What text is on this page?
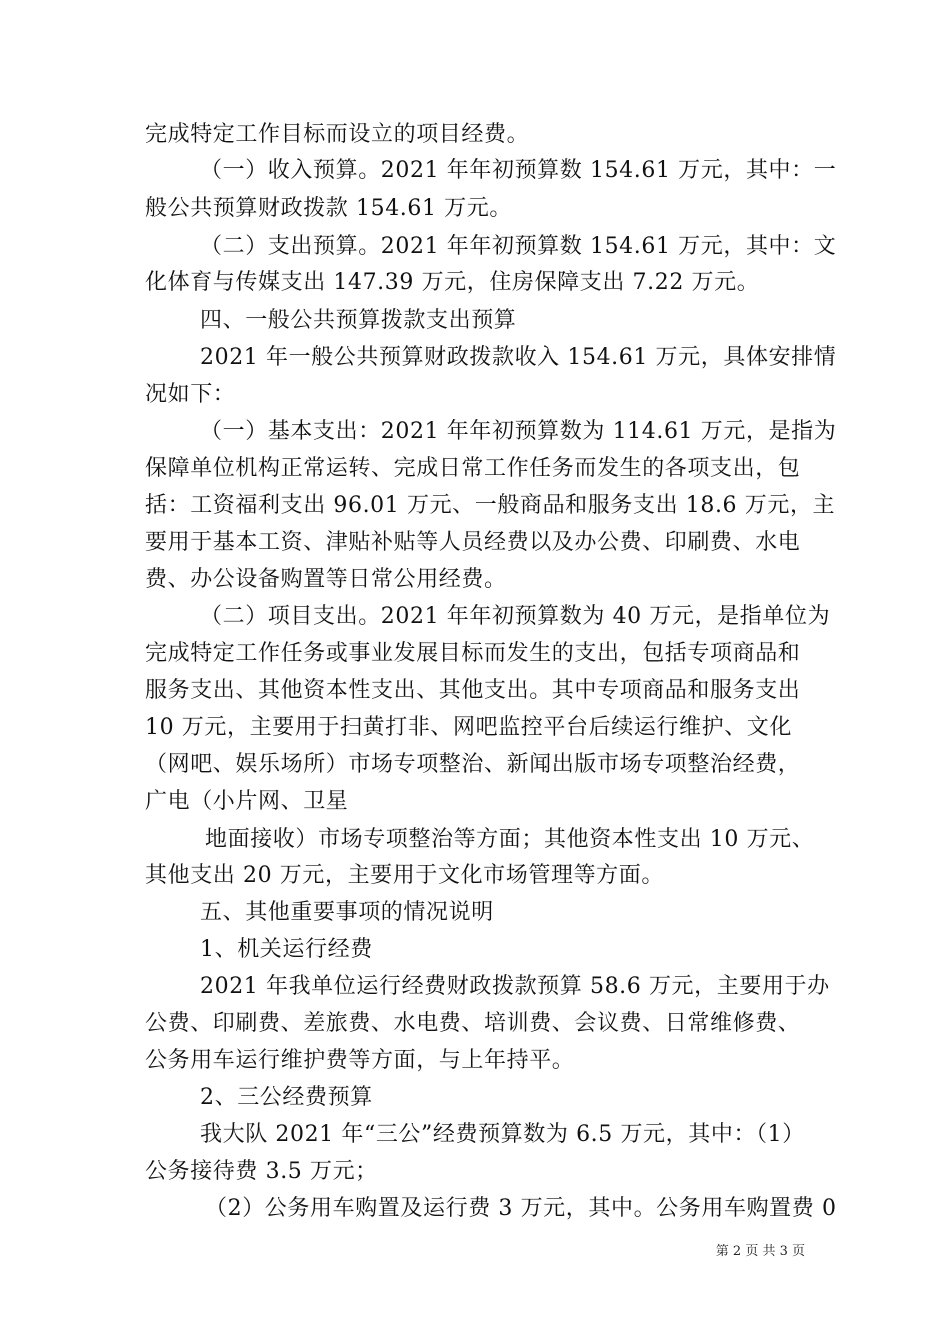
完成特定工作目标而设立的项目经费。
（一）收入预算。2021 年年初预算数 154.61 万元，其中：一
般公共预算财政拨款 154.61 万元。
（二）支出预算。2021 年年初预算数 154.61 万元，其中：文
化体育与传媒支出 147.39 万元，住房保障支出 7.22 万元。
四、一般公共预算拨款支出预算
2021 年一般公共预算财政拨款收入 154.61 万元，具体安排情
况如下：
（一）基本支出：2021 年年初预算数为 114.61 万元，是指为
保障单位机构正常运转、完成日常工作任务而发生的各项支出，包
括：工资福利支出 96.01 万元、一般商品和服务支出 18.6 万元，主
要用于基本工资、津贴补贴等人员经费以及办公费、印刷费、水电
费、办公设备购置等日常公用经费。
（二）项目支出。2021 年年初预算数为 40 万元，是指单位为
完成特定工作任务或事业发展目标而发生的支出，包括专项商品和
服务支出、其他资本性支出、其他支出。其中专项商品和服务支出
10 万元，主要用于扫黄打非、网吧监控平台后续运行维护、文化
（网吧、娱乐场所）市场专项整治、新闻出版市场专项整治经费，
广电（小片网、卫星
地面接收）市场专项整治等方面；其他资本性支出 10 万元、
其他支出 20 万元，主要用于文化市场管理等方面。
五、其他重要事项的情况说明
1、机关运行经费
2021 年我单位运行经费财政拨款预算 58.6 万元，主要用于办
公费、印刷费、差旅费、水电费、培训费、会议费、日常维修费、
公务用车运行维护费等方面，与上年持平。
2、三公经费预算
我大队 2021 年“三公”经费预算数为 6.5 万元，其中：（1）
公务接待费 3.5 万元；
（2）公务用车购置及运行费 3 万元，其中。公务用车购置费 0
第 2 页 共 3 页
